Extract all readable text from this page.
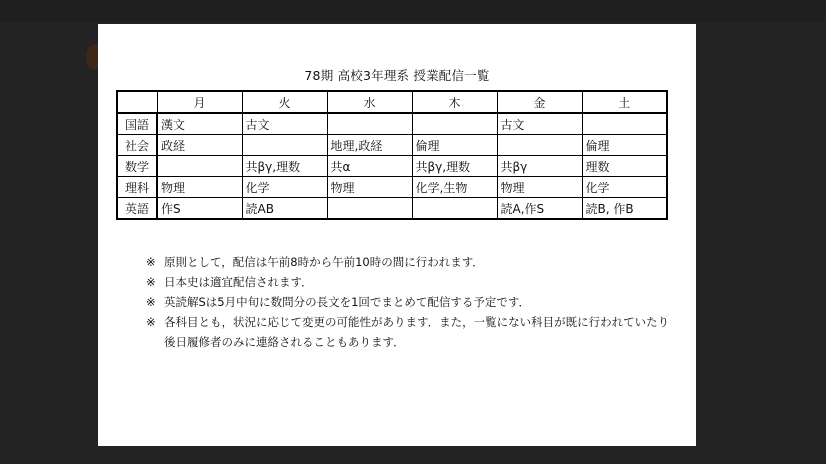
78期 高校3年理系 授業配信一覧
	月	火	水	木	金	土
国語	漢文	古文			古文	
社会	政経		地理,政経	倫理		倫理
数学		共βγ,理数	共α	共βγ,理数	共βγ	理数
理科	物理	化学	物理	化学,生物	物理	化学
英語	作S	読AB			読A,作S	読B, 作B
※ 原則として，配信は午前8時から午前10時の間に行われます．
※ 日本史は適宜配信されます．
※ 英読解Sは5月中旬に数問分の長文を1回でまとめて配信する予定です．
※ 各科目とも，状況に応じて変更の可能性があります．また，一覧にない科目が既に行われていたり後日履修者のみに連絡されることもあります．
